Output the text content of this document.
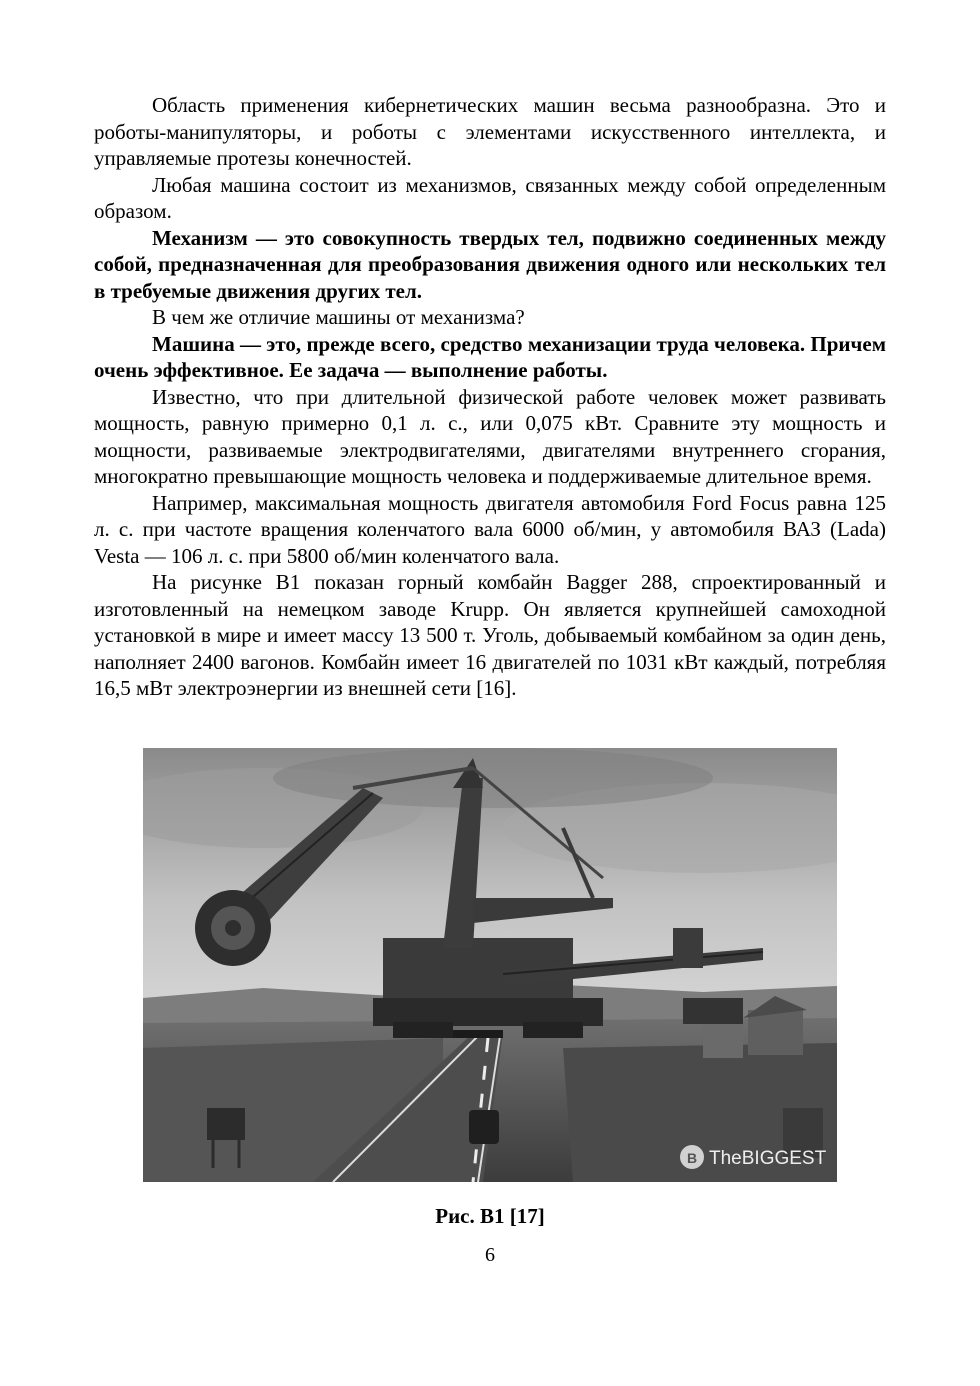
Область применения кибернетических машин весьма разнообразна. Это и роботы-манипуляторы, и роботы с элементами искусственного интеллекта, и управляемые протезы конечностей.

Любая машина состоит из механизмов, связанных между собой определенным образом.

Механизм — это совокупность твердых тел, подвижно соединенных между собой, предназначенная для преобразования движения одного или нескольких тел в требуемые движения других тел.

В чем же отличие машины от механизма?

Машина — это, прежде всего, средство механизации труда человека. Причем очень эффективное. Ее задача — выполнение работы.

Известно, что при длительной физической работе человек может развивать мощность, равную примерно 0,1 л. с., или 0,075 кВт. Сравните эту мощность и мощности, развиваемые электродвигателями, двигателями внутреннего сгорания, многократно превышающие мощность человека и поддерживаемые длительное время.

Например, максимальная мощность двигателя автомобиля Ford Focus равна 125 л. с. при частоте вращения коленчатого вала 6000 об/мин, у автомобиля ВАЗ (Lada) Vesta — 106 л. с. при 5800 об/мин коленчатого вала.

На рисунке В1 показан горный комбайн Bagger 288, спроектированный и изготовленный на немецком заводе Krupp. Он является крупнейшей самоходной установкой в мире и имеет массу 13 500 т. Уголь, добываемый комбайном за один день, наполняет 2400 вагонов. Комбайн имеет 16 двигателей по 1031 кВт каждый, потребляя 16,5 мВт электроэнергии из внешней сети [16].

B TheBIGGEST

Рис. В1 [17]

6
